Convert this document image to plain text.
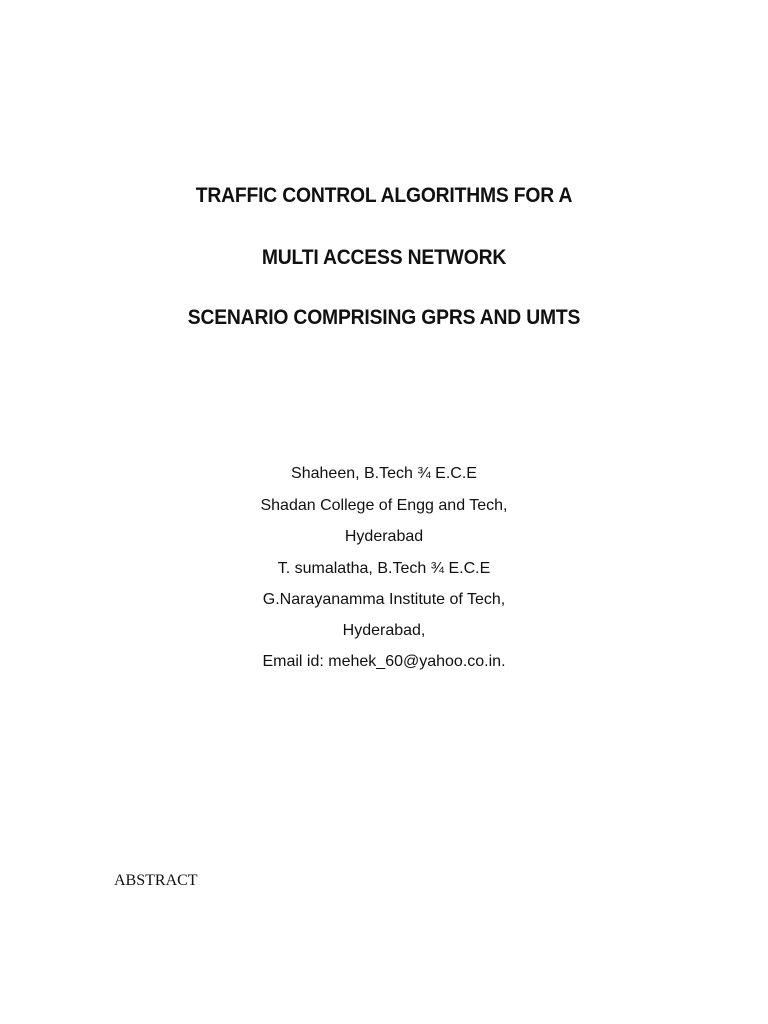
TRAFFIC CONTROL ALGORITHMS FOR A
MULTI ACCESS NETWORK
SCENARIO COMPRISING GPRS AND UMTS
Shaheen, B.Tech ¾ E.C.E
Shadan College of Engg and Tech,
Hyderabad
T. sumalatha, B.Tech ¾ E.C.E
G.Narayanamma Institute of Tech,
Hyderabad,
Email id: mehek_60@yahoo.co.in.
ABSTRACT
